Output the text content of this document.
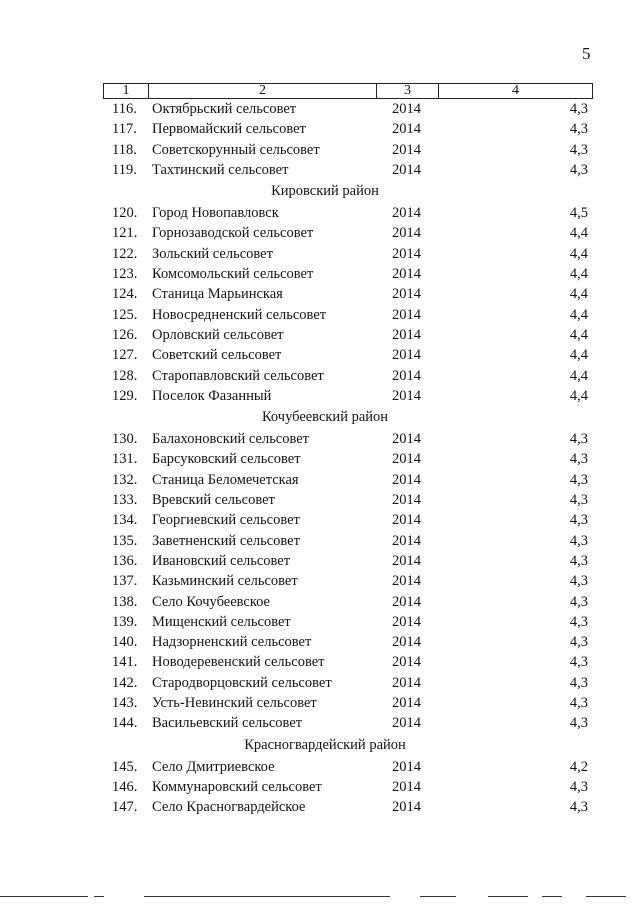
5
1	2	3	4
116.	Октябрьский сельсовет	2014	4,3
117.	Первомайский сельсовет	2014	4,3
118.	Советскорунный сельсовет	2014	4,3
119.	Тахтинский сельсовет	2014	4,3
Кировский район
120.	Город Новопавловск	2014	4,5
121.	Горнозаводской сельсовет	2014	4,4
122.	Зольский сельсовет	2014	4,4
123.	Комсомольский сельсовет	2014	4,4
124.	Станица Марьинская	2014	4,4
125.	Новосредненский сельсовет	2014	4,4
126.	Орловский сельсовет	2014	4,4
127.	Советский сельсовет	2014	4,4
128.	Старопавловский сельсовет	2014	4,4
129.	Поселок Фазанный	2014	4,4
Кочубеевский район
130.	Балахоновский сельсовет	2014	4,3
131.	Барсуковский сельсовет	2014	4,3
132.	Станица Беломечетская	2014	4,3
133.	Вревский сельсовет	2014	4,3
134.	Георгиевский сельсовет	2014	4,3
135.	Заветненский сельсовет	2014	4,3
136.	Ивановский сельсовет	2014	4,3
137.	Казьминский сельсовет	2014	4,3
138.	Село Кочубеевское	2014	4,3
139.	Мищенский сельсовет	2014	4,3
140.	Надзорненский сельсовет	2014	4,3
141.	Новодеревенский сельсовет	2014	4,3
142.	Стародворцовский сельсовет	2014	4,3
143.	Усть-Невинский сельсовет	2014	4,3
144.	Васильевский сельсовет	2014	4,3
Красногвардейский район
145.	Село Дмитриевское	2014	4,2
146.	Коммунаровский сельсовет	2014	4,3
147.	Село Красногвардейское	2014	4,3
